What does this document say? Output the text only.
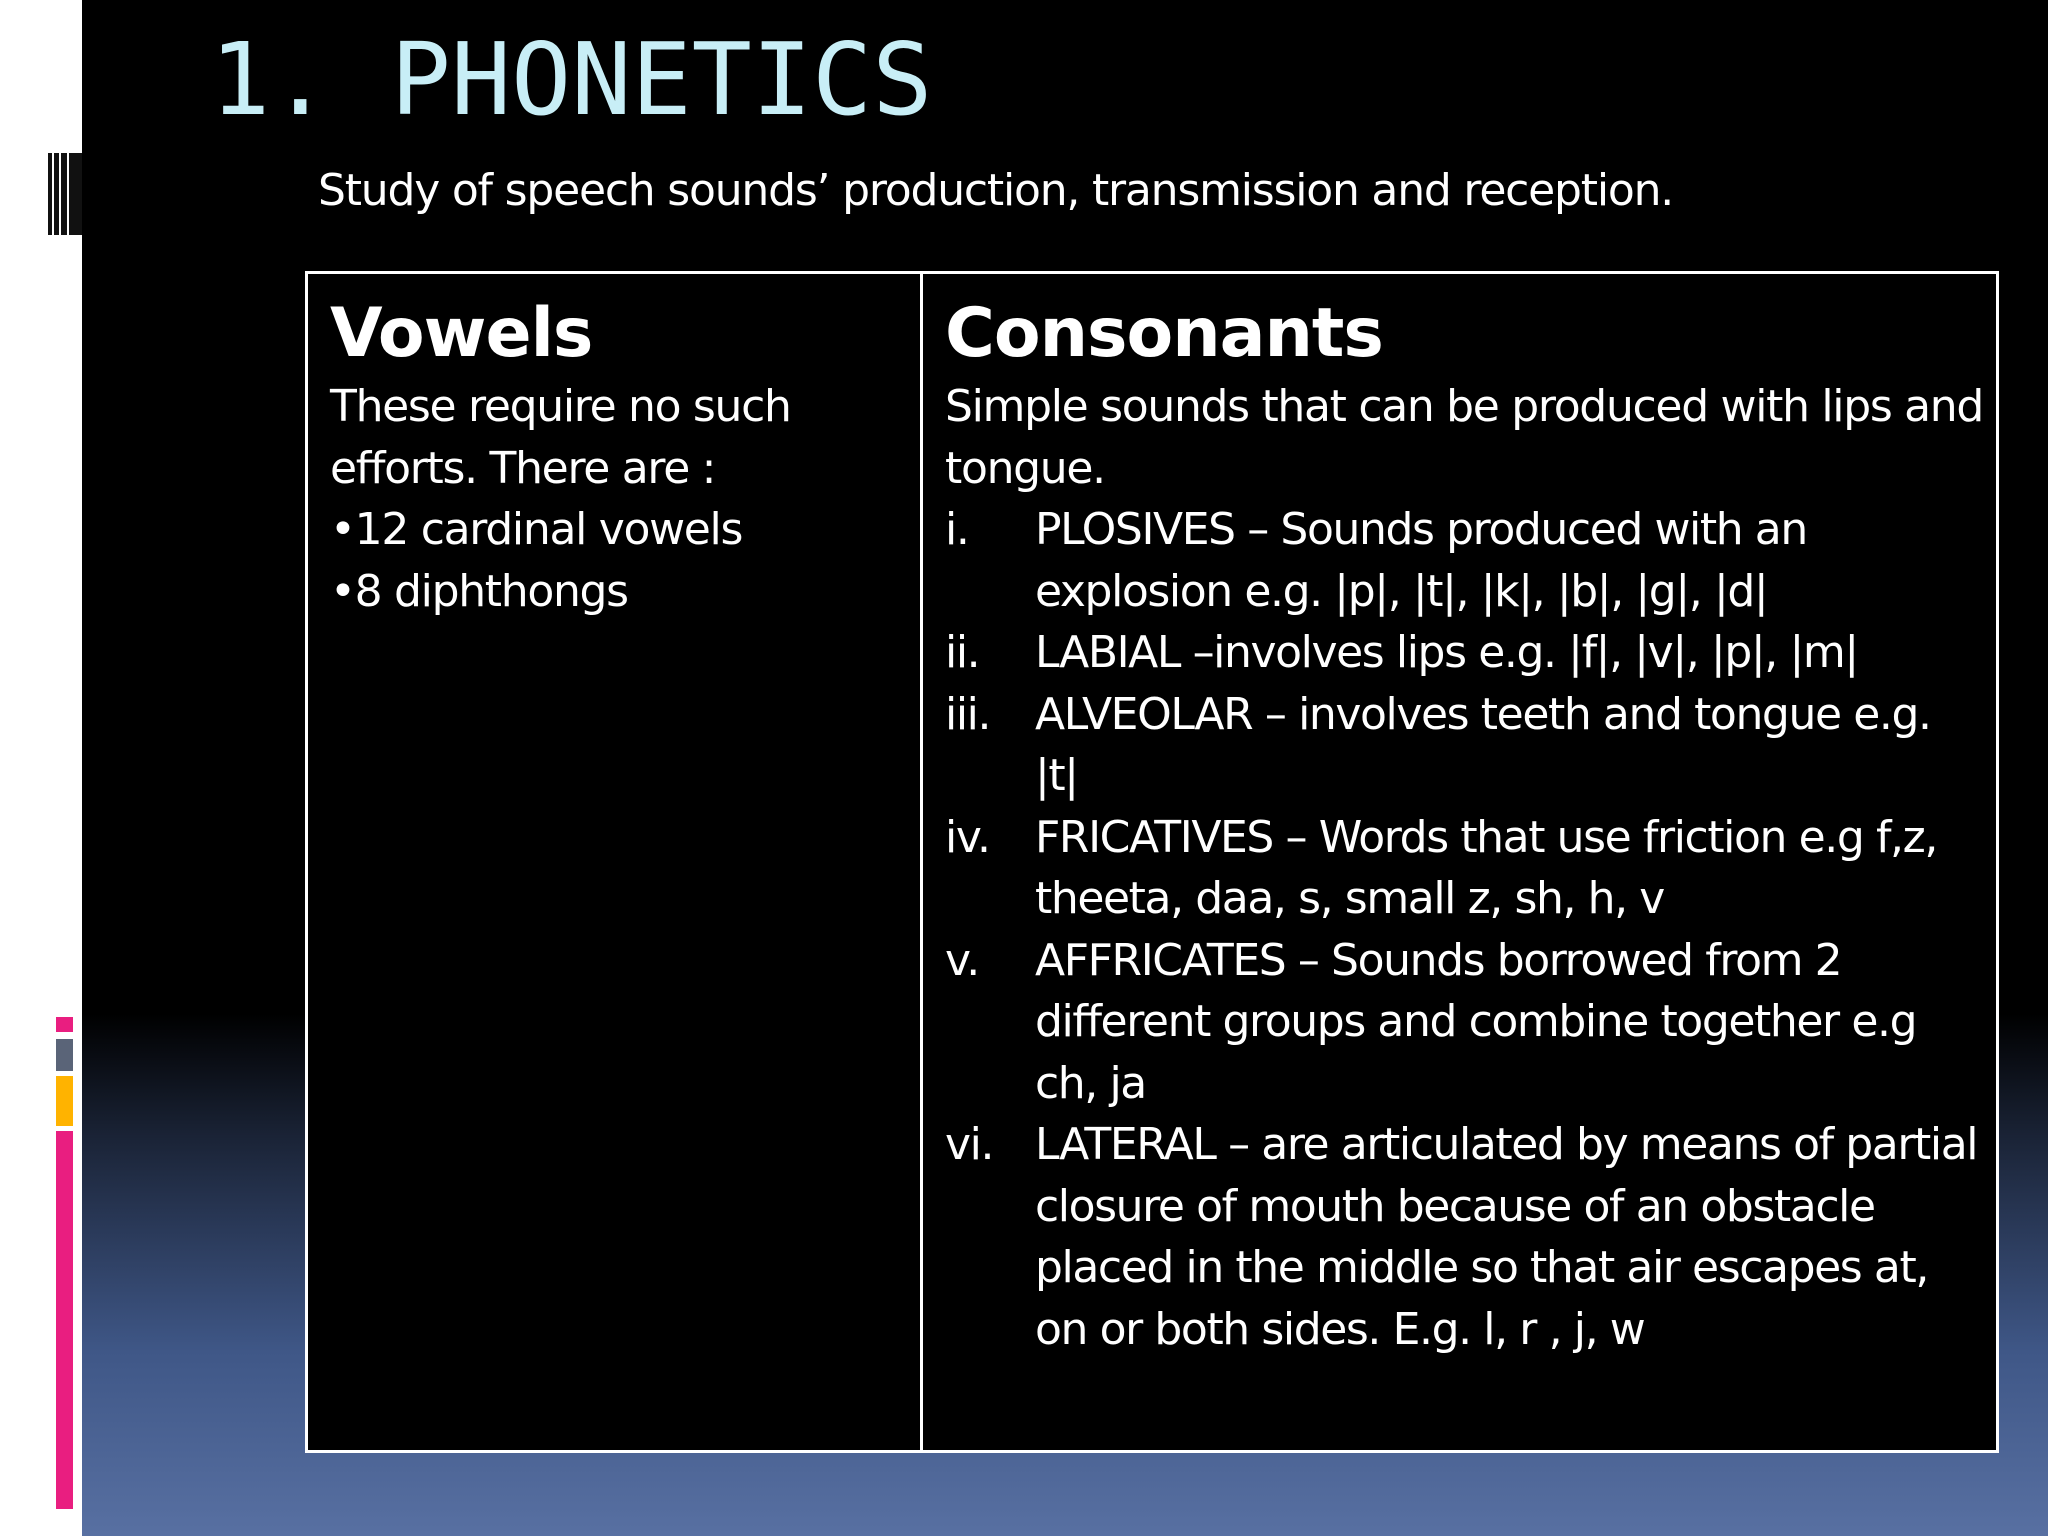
1. PHONETICS
Study of speech sounds’ production, transmission and reception.
Vowels

These require no such efforts. There are :

•12 cardinal vowels
•8 diphthongs
Consonants

Simple sounds that can be produced with lips and tongue.

i.	PLOSIVES – Sounds produced with an explosion e.g. |p|, |t|, |k|, |b|, |g|, |d|
ii.	LABIAL –involves lips e.g. |f|, |v|, |p|, |m|
iii.	ALVEOLAR – involves teeth and tongue e.g. |t|
iv.	FRICATIVES – Words that use friction e.g f,z, theeta, daa, s, small z, sh, h, v
v.	AFFRICATES – Sounds borrowed from 2 different groups and combine together e.g ch, ja
vi. LATERAL – are articulated by means of partial closure of mouth because of an obstacle placed in the middle so that air escapes at, on or both sides. E.g. l, r , j, w
